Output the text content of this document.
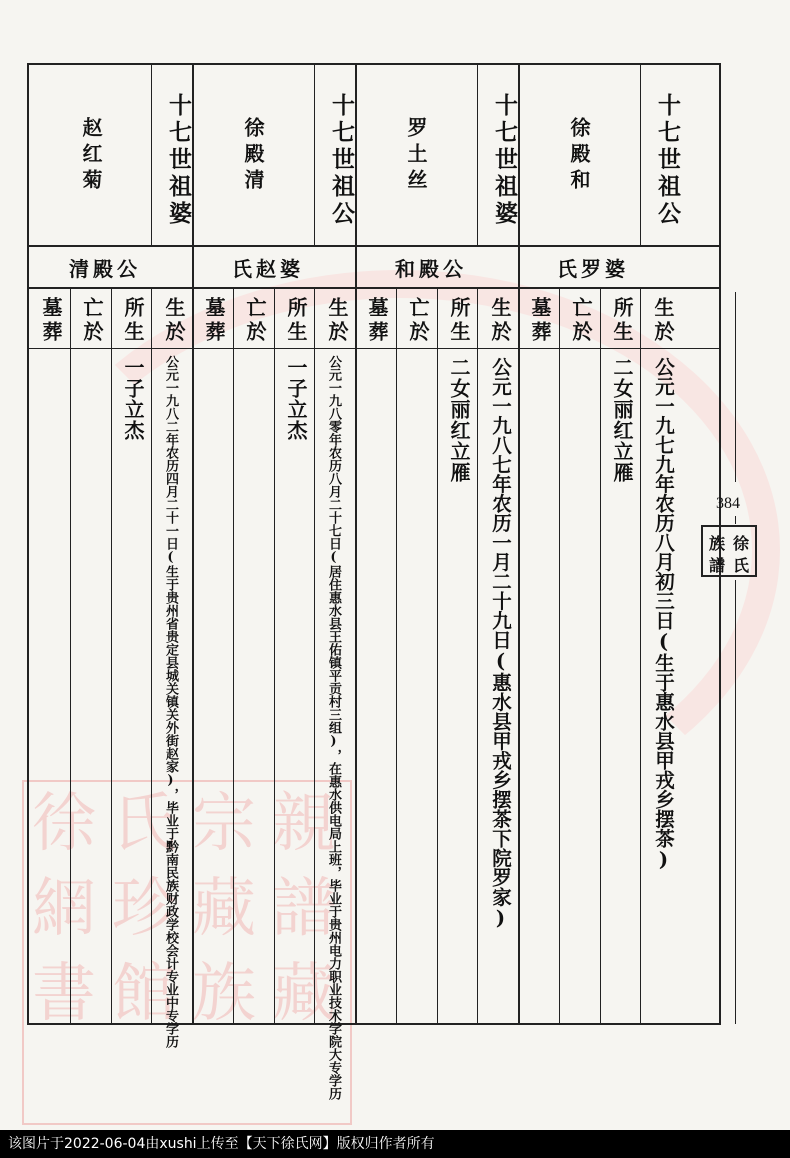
徐 氏 宗 親
網 珍 藏 譜
書 館 族 藏
十七世祖公
徐殿和
氏罗婆
生於
所生
亡於
墓葬
公元一九七九年农历八月初三日(生于惠水县甲戎乡摆茶)
二女丽红立雁
十七世祖婆
罗土丝
和殿公
生於
所生
亡於
墓葬
公元一九八七年农历一月二十九日(惠水县甲戎乡摆茶下院罗家)
二女丽红立雁
十七世祖公
徐殿清
氏赵婆
生於
所生
亡於
墓葬
公元一九八零年农历八月二十七日(居住惠水县王佑镇平贡村三组)，在惠水供电局上班，毕业于贵州电力职业技术学院大专学历
一子立杰
十七世祖婆
赵红菊
清殿公
生於
所生
亡於
墓葬
公元一九八二年农历四月二十一日(生于贵州省贵定县城关镇关外街赵家)，毕业于黔南民族财政学校会计专业中专学历
一子立杰
384
徐
氏
族
譜
该图片于2022-06-04由xushi上传至【天下徐氏网】版权归作者所有
